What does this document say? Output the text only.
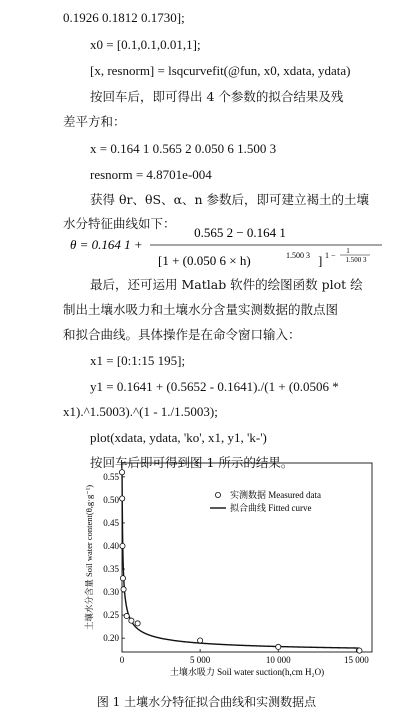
0.1926 0.1812 0.1730];
x0 = [0.1,0.1,0.01,1];
[x, resnorm] = lsqcurvefit(@fun, x0, xdata, ydata)
按回车后，即可得出 4 个参数的拟合结果及残
差平方和：
x = 0.164 1 0.565 2 0.050 6 1.500 3
resnorm = 4.8701e-004
获得 θr、θS、α、n 参数后，即可建立褐土的土壤
水分特征曲线如下：
θ = 0.164 1 +
0.565 2 − 0.164 1
[1 + (0.050 6 × h)	1.500 3 ] 1 − 1
1.500 3
最后，还可运用 Matlab 软件的绘图函数 plot 绘
制出土壤水吸力和土壤水分含量实测数据的散点图
和拟合曲线。具体操作是在命令窗口输入：
x1 = [0:1:15 195];
y1 = 0.1641 + (0.5652 - 0.1641)./(1 + (0.0506 *
x1).^1.5003).^(1 - 1./1.5003);
plot(xdata, ydata, 'ko', x1, y1, 'k-')
按回车后即可得到图 1 所示的结果。
0.20
0.25
0.30
0.35
0.40
0.45
0.50
0.55
0	5 000	10 000	15 000
土壤水吸力 Soil water suction(h,cm H₂O)
土壤水分含量 Soil water content(θ,g·g⁻¹)	实测数据 Measured data
拟合曲线 Fitted curve
图 1 土壤水分特征拟合曲线和实测数据点
